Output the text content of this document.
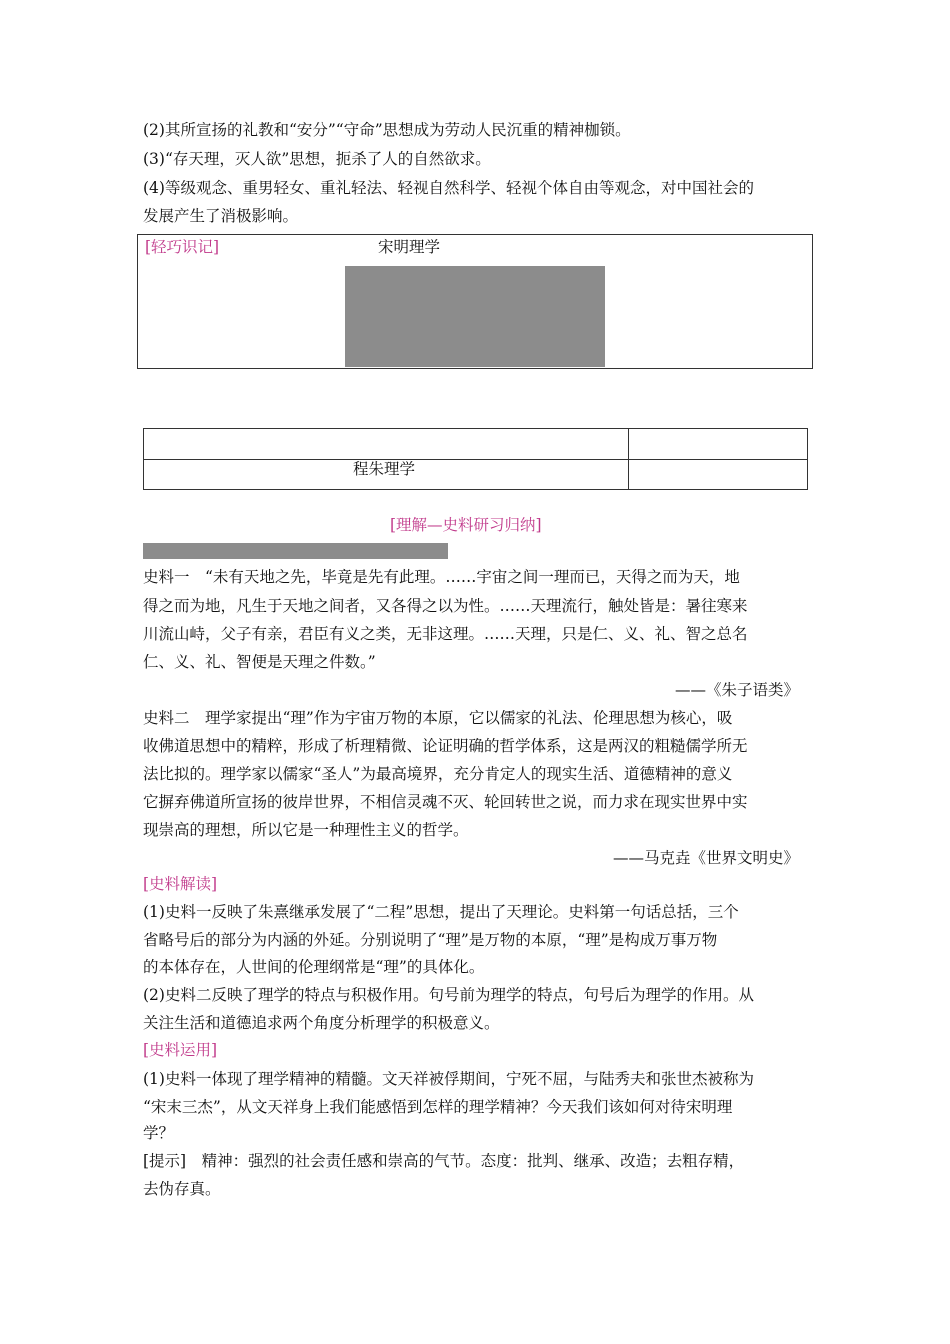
(2)其所宣扬的礼教和“安分”“守命”思想成为劳动人民沉重的精神枷锁。
(3)“存天理，灭人欲”思想，扼杀了人的自然欲求。
(4)等级观念、重男轻女、重礼轻法、轻视自然科学、轻视个体自由等观念，对中国社会的
发展产生了消极影响。
[轻巧识记]	宋明理学
程朱理学
[理解—史料研习归纳]
史料一　“未有天地之先，毕竟是先有此理。……宇宙之间一理而已，天得之而为天，地
得之而为地，凡生于天地之间者，又各得之以为性。……天理流行，触处皆是：暑往寒来
川流山峙，父子有亲，君臣有义之类，无非这理。……天理，只是仁、义、礼、智之总名
仁、义、礼、智便是天理之件数。”
——《朱子语类》
史料二　理学家提出“理”作为宇宙万物的本原，它以儒家的礼法、伦理思想为核心，吸
收佛道思想中的精粹，形成了析理精微、论证明确的哲学体系，这是两汉的粗糙儒学所无
法比拟的。理学家以儒家“圣人”为最高境界，充分肯定人的现实生活、道德精神的意义
它摒弃佛道所宣扬的彼岸世界，不相信灵魂不灭、轮回转世之说，而力求在现实世界中实
现崇高的理想，所以它是一种理性主义的哲学。
——马克垚《世界文明史》
[史料解读]
(1)史料一反映了朱熹继承发展了“二程”思想，提出了天理论。史料第一句话总括，三个
省略号后的部分为内涵的外延。分别说明了“理”是万物的本原，“理”是构成万事万物
的本体存在，人世间的伦理纲常是“理”的具体化。
(2)史料二反映了理学的特点与积极作用。句号前为理学的特点，句号后为理学的作用。从
关注生活和道德追求两个角度分析理学的积极意义。
[史料运用]
(1)史料一体现了理学精神的精髓。文天祥被俘期间，宁死不屈，与陆秀夫和张世杰被称为
“宋末三杰”，从文天祥身上我们能感悟到怎样的理学精神？今天我们该如何对待宋明理
学？
[提示]　精神：强烈的社会责任感和崇高的气节。态度：批判、继承、改造；去粗存精，
去伪存真。
